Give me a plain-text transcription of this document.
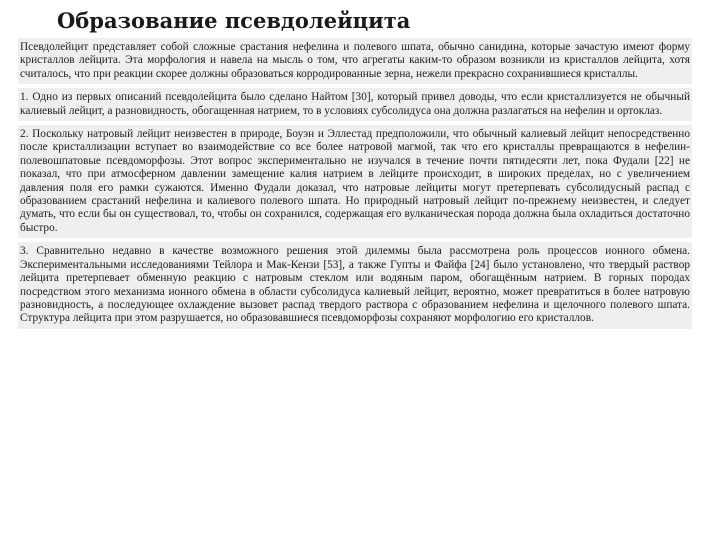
Образование псевдолейцита
Псевдолейцит представляет собой сложные срастания нефелина и полевого шпата, обычно санидина, которые зачастую имеют форму кристаллов лейцита. Эта морфология и навела на мысль о том, что агрегаты каким-то образом возникли из кристаллов лейцита, хотя считалось, что при реакции скорее должны образоваться корродированные зерна, нежели прекрасно сохранившиеся кристаллы.
1. Одно из первых описаний псевдолейцита было сделано Найтом [30], который привел доводы, что если кристаллизуется не обычный калиевый лейцит, а разновидность, обогащенная натрием, то в условиях субсолидуса она должна разлагаться на нефелин и ортоклаз.
2. Поскольку натровый лейцит неизвестен в природе, Боуэн и Эллестад предположили, что обычный калиевый лейцит непосредственно после кристаллизации вступает во взаимодействие со все более натровой магмой, так что его кристаллы превращаются в нефелин-полевошпатовые псевдоморфозы. Этот вопрос экспериментально не изучался в течение почти пятидесяти лет, пока Фудали [22] не показал, что при атмосферном давлении замещение калия натрием в лейците происходит, в широких пределах, но с увеличением давления поля его рамки сужаются. Именно Фудали доказал, что натровые лейциты могут претерпевать субсолидусный распад с образованием срастаний нефелина и калиевого полевого шпата. Но природный натровый лейцит по-прежнему неизвестен, и следует думать, что если бы он существовал, то, чтобы он сохранился, содержащая его вулканическая порода должна была охладиться достаточно быстро.
3. Сравнительно недавно в качестве возможного решения этой дилеммы была рассмотрена роль процессов ионного обмена. Экспериментальными исследованиями Тейлора и Мак-Кензи [53], а также Гупты и Файфа [24] было установлено, что твердый раствор лейцита претерпевает обменную реакцию с натровым стеклом или водяным паром, обогащённым натрием. В горных породах посредством этого механизма ионного обмена в области субсолидуса калиевый лейцит, вероятно, может превратиться в более натровую разновидность, а последующее охлаждение вызовет распад твердого раствора с образованием нефелина и щелочного полевого шпата. Структура лейцита при этом разрушается, но образовавшиеся псевдоморфозы сохраняют морфологию его кристаллов.
